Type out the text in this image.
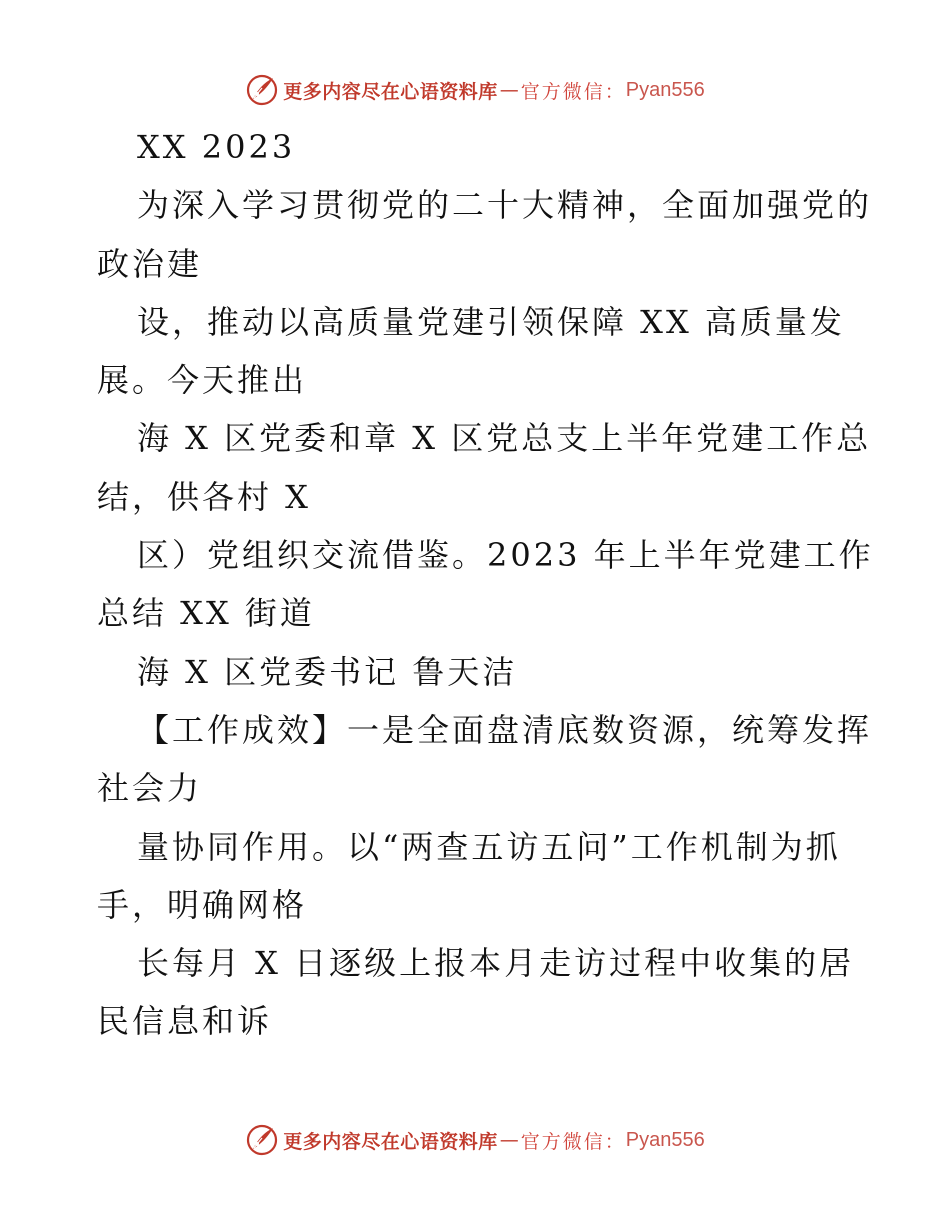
更多内容尽在心语资料库 — 官方微信： Pyan556
XX 2023
为深入学习贯彻党的二十大精神，全面加强党的
政治建
设，推动以高质量党建引领保障 XX 高质量发
展。今天推出
海 X 区党委和章 X 区党总支上半年党建工作总
结，供各村 X
区）党组织交流借鉴。2023 年上半年党建工作
总结 XX 街道
海 X 区党委书记 鲁天洁
【工作成效】一是全面盘清底数资源，统筹发挥
社会力
量协同作用。以“两查五访五问”工作机制为抓
手，明确网格
长每月 X 日逐级上报本月走访过程中收集的居
民信息和诉
更多内容尽在心语资料库 — 官方微信： Pyan556
